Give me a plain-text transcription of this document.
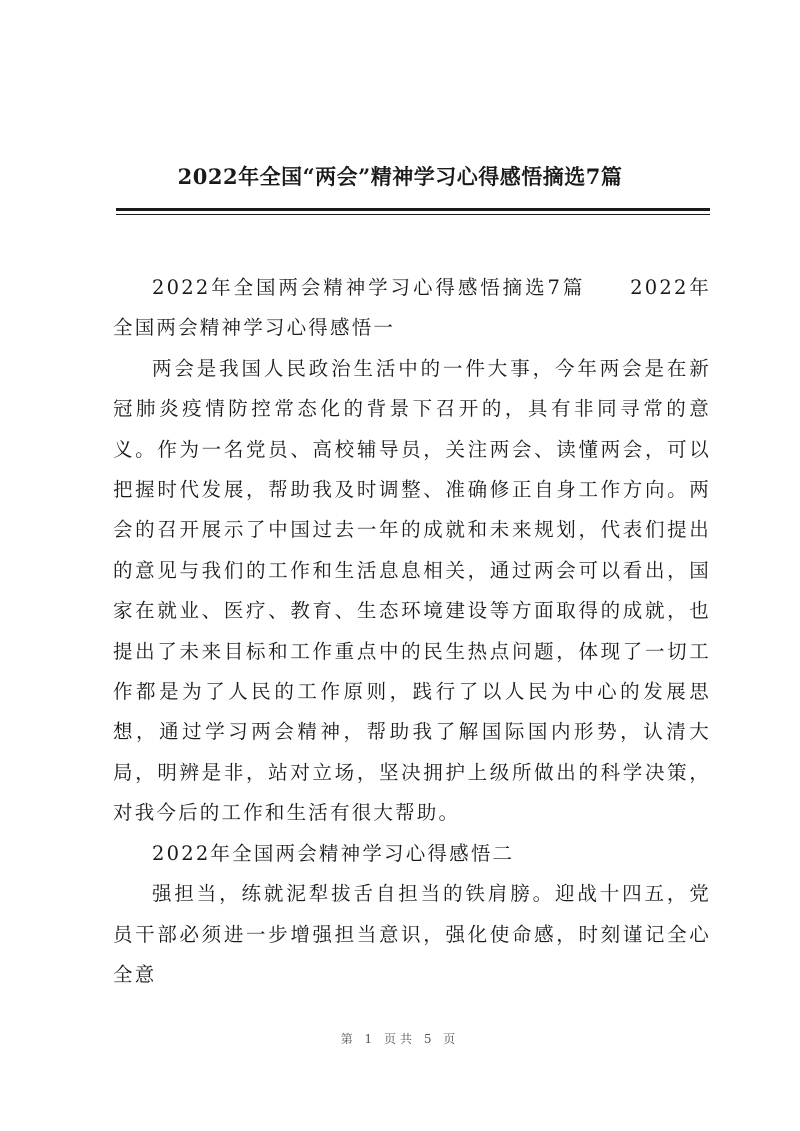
2022年全国“两会”精神学习心得感悟摘选7篇

2022年全国两会精神学习心得感悟摘选7篇　　2022年全国两会精神学习心得感悟一

两会是我国人民政治生活中的一件大事，今年两会是在新冠肺炎疫情防控常态化的背景下召开的，具有非同寻常的意义。作为一名党员、高校辅导员，关注两会、读懂两会，可以把握时代发展，帮助我及时调整、准确修正自身工作方向。两会的召开展示了中国过去一年的成就和未来规划，代表们提出的意见与我们的工作和生活息息相关，通过两会可以看出，国家在就业、医疗、教育、生态环境建设等方面取得的成就，也提出了未来目标和工作重点中的民生热点问题，体现了一切工作都是为了人民的工作原则，践行了以人民为中心的发展思想，通过学习两会精神，帮助我了解国际国内形势，认清大局，明辨是非，站对立场，坚决拥护上级所做出的科学决策，对我今后的工作和生活有很大帮助。

2022年全国两会精神学习心得感悟二

强担当，练就泥犁拔舌自担当的铁肩膀。迎战十四五，党员干部必须进一步增强担当意识，强化使命感，时刻谨记全心全意

第 1 页共 5 页
